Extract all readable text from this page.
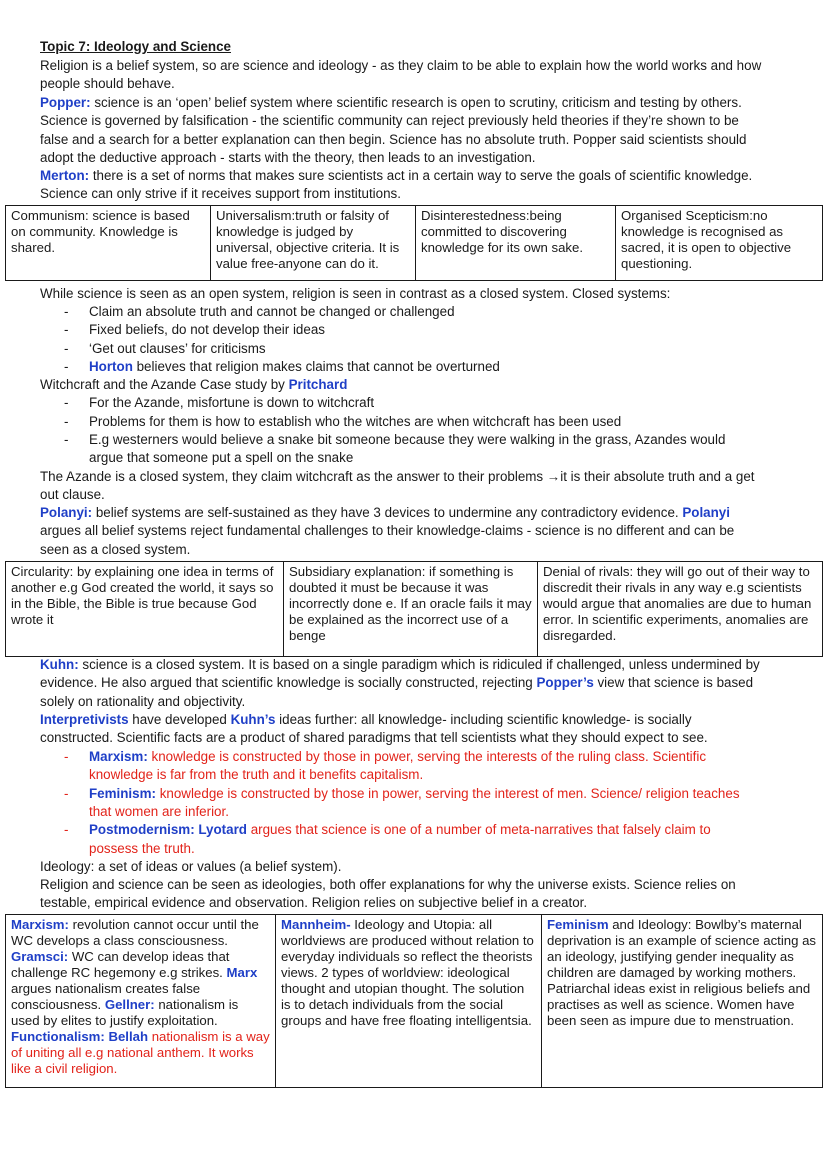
Topic 7: Ideology and Science
Religion is a belief system, so are science and ideology - as they claim to be able to explain how the world works and how
people should behave.
Popper: science is an ‘open’ belief system where scientific research is open to scrutiny, criticism and testing by others.
Science is governed by falsification - the scientific community can reject previously held theories if they’re shown to be
false and a search for a better explanation can then begin. Science has no absolute truth. Popper said scientists should
adopt the deductive approach - starts with the theory, then leads to an investigation.
Merton: there is a set of norms that makes sure scientists act in a certain way to serve the goals of scientific knowledge.
Science can only strive if it receives support from institutions.
Communism: science is based on community. Knowledge is shared.
Universalism:truth or falsity of knowledge is judged by universal, objective criteria. It is value free-anyone can do it.
Disinterestedness:being committed to discovering knowledge for its own sake.
Organised Scepticism:no knowledge is recognised as sacred, it is open to objective questioning.
While science is seen as an open system, religion is seen in contrast as a closed system. Closed systems:
- Claim an absolute truth and cannot be changed or challenged
- Fixed beliefs, do not develop their ideas
- ‘Get out clauses’ for criticisms
- Horton believes that religion makes claims that cannot be overturned
Witchcraft and the Azande Case study by Pritchard
- For the Azande, misfortune is down to witchcraft
- Problems for them is how to establish who the witches are when witchcraft has been used
- E.g westerners would believe a snake bit someone because they were walking in the grass, Azandes would
argue that someone put a spell on the snake
The Azande is a closed system, they claim witchcraft as the answer to their problems →it is their absolute truth and a get
out clause.
Polanyi: belief systems are self-sustained as they have 3 devices to undermine any contradictory evidence. Polanyi
argues all belief systems reject fundamental challenges to their knowledge-claims - science is no different and can be
seen as a closed system.
Circularity: by explaining one idea in terms of another e.g God created the world, it says so in the Bible, the Bible is true because God wrote it
Subsidiary explanation: if something is doubted it must be because it was incorrectly done e. If an oracle fails it may be explained as the incorrect use of a benge
Denial of rivals: they will go out of their way to discredit their rivals in any way e.g scientists would argue that anomalies are due to human error. In scientific experiments, anomalies are disregarded.
Kuhn: science is a closed system. It is based on a single paradigm which is ridiculed if challenged, unless undermined by
evidence. He also argued that scientific knowledge is socially constructed, rejecting Popper’s view that science is based
solely on rationality and objectivity.
Interpretivists have developed Kuhn’s ideas further: all knowledge- including scientific knowledge- is socially
constructed. Scientific facts are a product of shared paradigms that tell scientists what they should expect to see.
- Marxism: knowledge is constructed by those in power, serving the interests of the ruling class. Scientific
knowledge is far from the truth and it benefits capitalism.
- Feminism: knowledge is constructed by those in power, serving the interest of men. Science/ religion teaches
that women are inferior.
- Postmodernism: Lyotard argues that science is one of a number of meta-narratives that falsely claim to
possess the truth.
Ideology: a set of ideas or values (a belief system).
Religion and science can be seen as ideologies, both offer explanations for why the universe exists. Science relies on
testable, empirical evidence and observation. Religion relies on subjective belief in a creator.
Marxism: revolution cannot occur until the WC develops a class consciousness. Gramsci: WC can develop ideas that challenge RC hegemony e.g strikes. Marx argues nationalism creates false consciousness. Gellner: nationalism is used by elites to justify exploitation. Functionalism: Bellah nationalism is a way of uniting all e.g national anthem. It works like a civil religion.
Mannheim- Ideology and Utopia: all worldviews are produced without relation to everyday individuals so reflect the theorists views. 2 types of worldview: ideological thought and utopian thought. The solution is to detach individuals from the social groups and have free floating intelligentsia.
Feminism and Ideology: Bowlby’s maternal deprivation is an example of science acting as an ideology, justifying gender inequality as children are damaged by working mothers. Patriarchal ideas exist in religious beliefs and practises as well as science. Women have been seen as impure due to menstruation.
